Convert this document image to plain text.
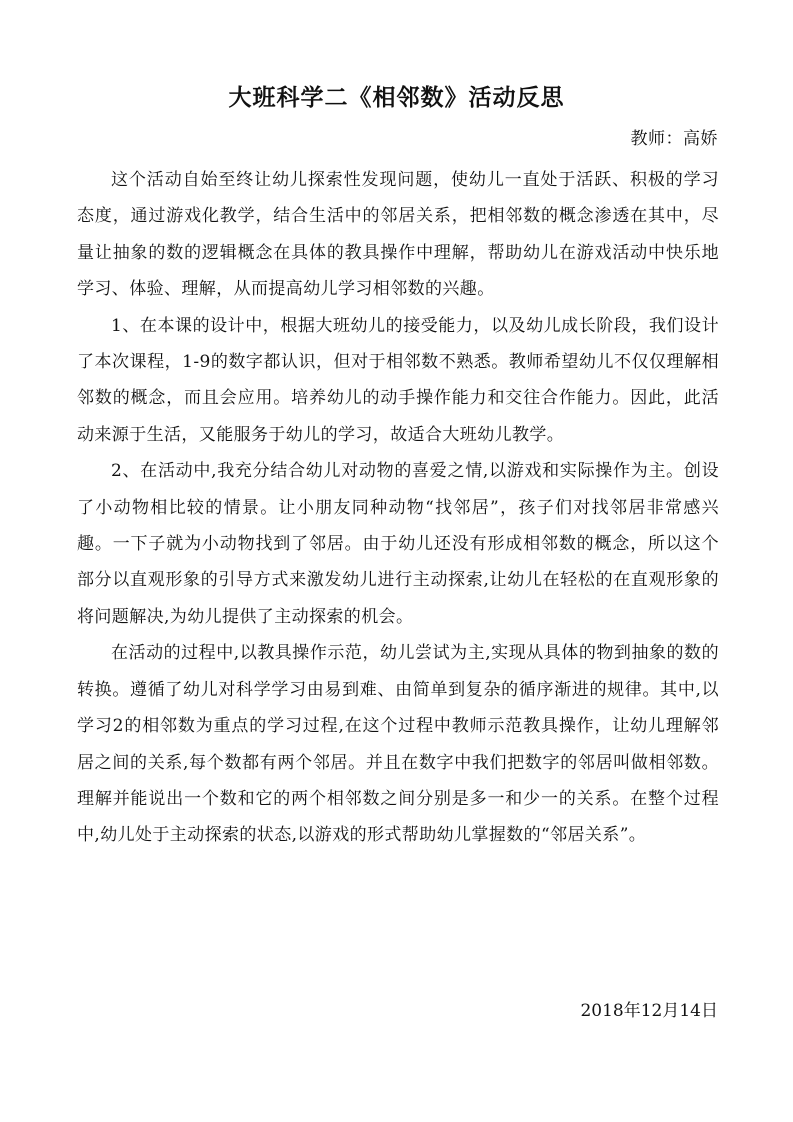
大班科学二《相邻数》活动反思
教师：高娇

这个活动自始至终让幼儿探索性发现问题，使幼儿一直处于活跃、积极的学习态度，通过游戏化教学，结合生活中的邻居关系，把相邻数的概念渗透在其中，尽量让抽象的数的逻辑概念在具体的教具操作中理解，帮助幼儿在游戏活动中快乐地学习、体验、理解，从而提高幼儿学习相邻数的兴趣。

1、在本课的设计中，根据大班幼儿的接受能力，以及幼儿成长阶段，我们设计了本次课程，1-9的数字都认识，但对于相邻数不熟悉。教师希望幼儿不仅仅理解相邻数的概念，而且会应用。培养幼儿的动手操作能力和交往合作能力。因此，此活动来源于生活，又能服务于幼儿的学习，故适合大班幼儿教学。

2、在活动中,我充分结合幼儿对动物的喜爱之情,以游戏和实际操作为主。创设了小动物相比较的情景。让小朋友同种动物“找邻居”，孩子们对找邻居非常感兴趣。一下子就为小动物找到了邻居。由于幼儿还没有形成相邻数的概念，所以这个部分以直观形象的引导方式来激发幼儿进行主动探索,让幼儿在轻松的在直观形象的将问题解决,为幼儿提供了主动探索的机会。

在活动的过程中,以教具操作示范，幼儿尝试为主,实现从具体的物到抽象的数的转换。遵循了幼儿对科学学习由易到难、由简单到复杂的循序渐进的规律。其中,以学习2的相邻数为重点的学习过程,在这个过程中教师示范教具操作，让幼儿理解邻居之间的关系,每个数都有两个邻居。并且在数字中我们把数字的邻居叫做相邻数。理解并能说出一个数和它的两个相邻数之间分别是多一和少一的关系。在整个过程中,幼儿处于主动探索的状态,以游戏的形式帮助幼儿掌握数的“邻居关系”。

2018年12月14日
